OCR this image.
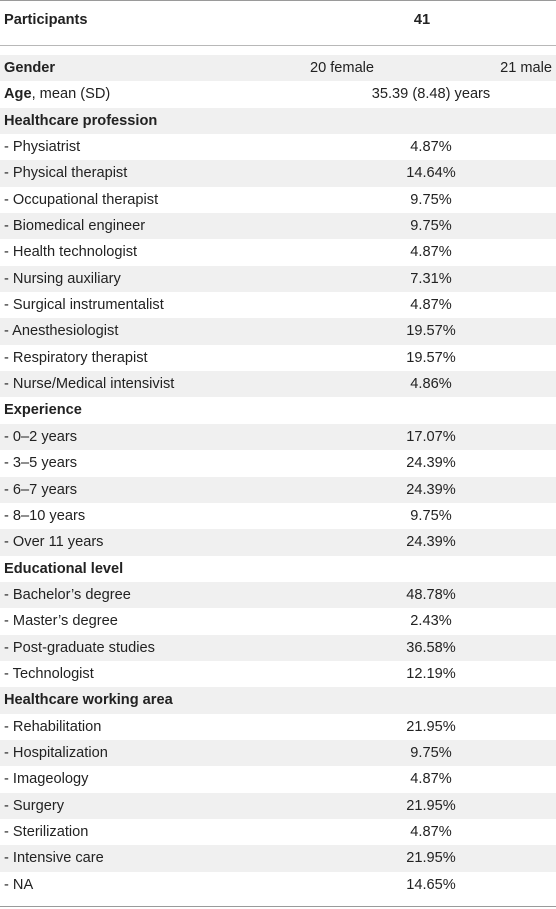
Participants	41
Gender	20 female	21 male
Age, mean (SD)	35.39 (8.48) years
Healthcare profession
- Physiatrist	4.87%
- Physical therapist	14.64%
- Occupational therapist	9.75%
- Biomedical engineer	9.75%
- Health technologist	4.87%
- Nursing auxiliary	7.31%
- Surgical instrumentalist	4.87%
- Anesthesiologist	19.57%
- Respiratory therapist	19.57%
- Nurse/Medical intensivist	4.86%
Experience
- 0–2 years	17.07%
- 3–5 years	24.39%
- 6–7 years	24.39%
- 8–10 years	9.75%
- Over 11 years	24.39%
Educational level
- Bachelor’s degree	48.78%
- Master’s degree	2.43%
- Post-graduate studies	36.58%
- Technologist	12.19%
Healthcare working area
- Rehabilitation	21.95%
- Hospitalization	9.75%
- Imageology	4.87%
- Surgery	21.95%
- Sterilization	4.87%
- Intensive care	21.95%
- NA	14.65%
